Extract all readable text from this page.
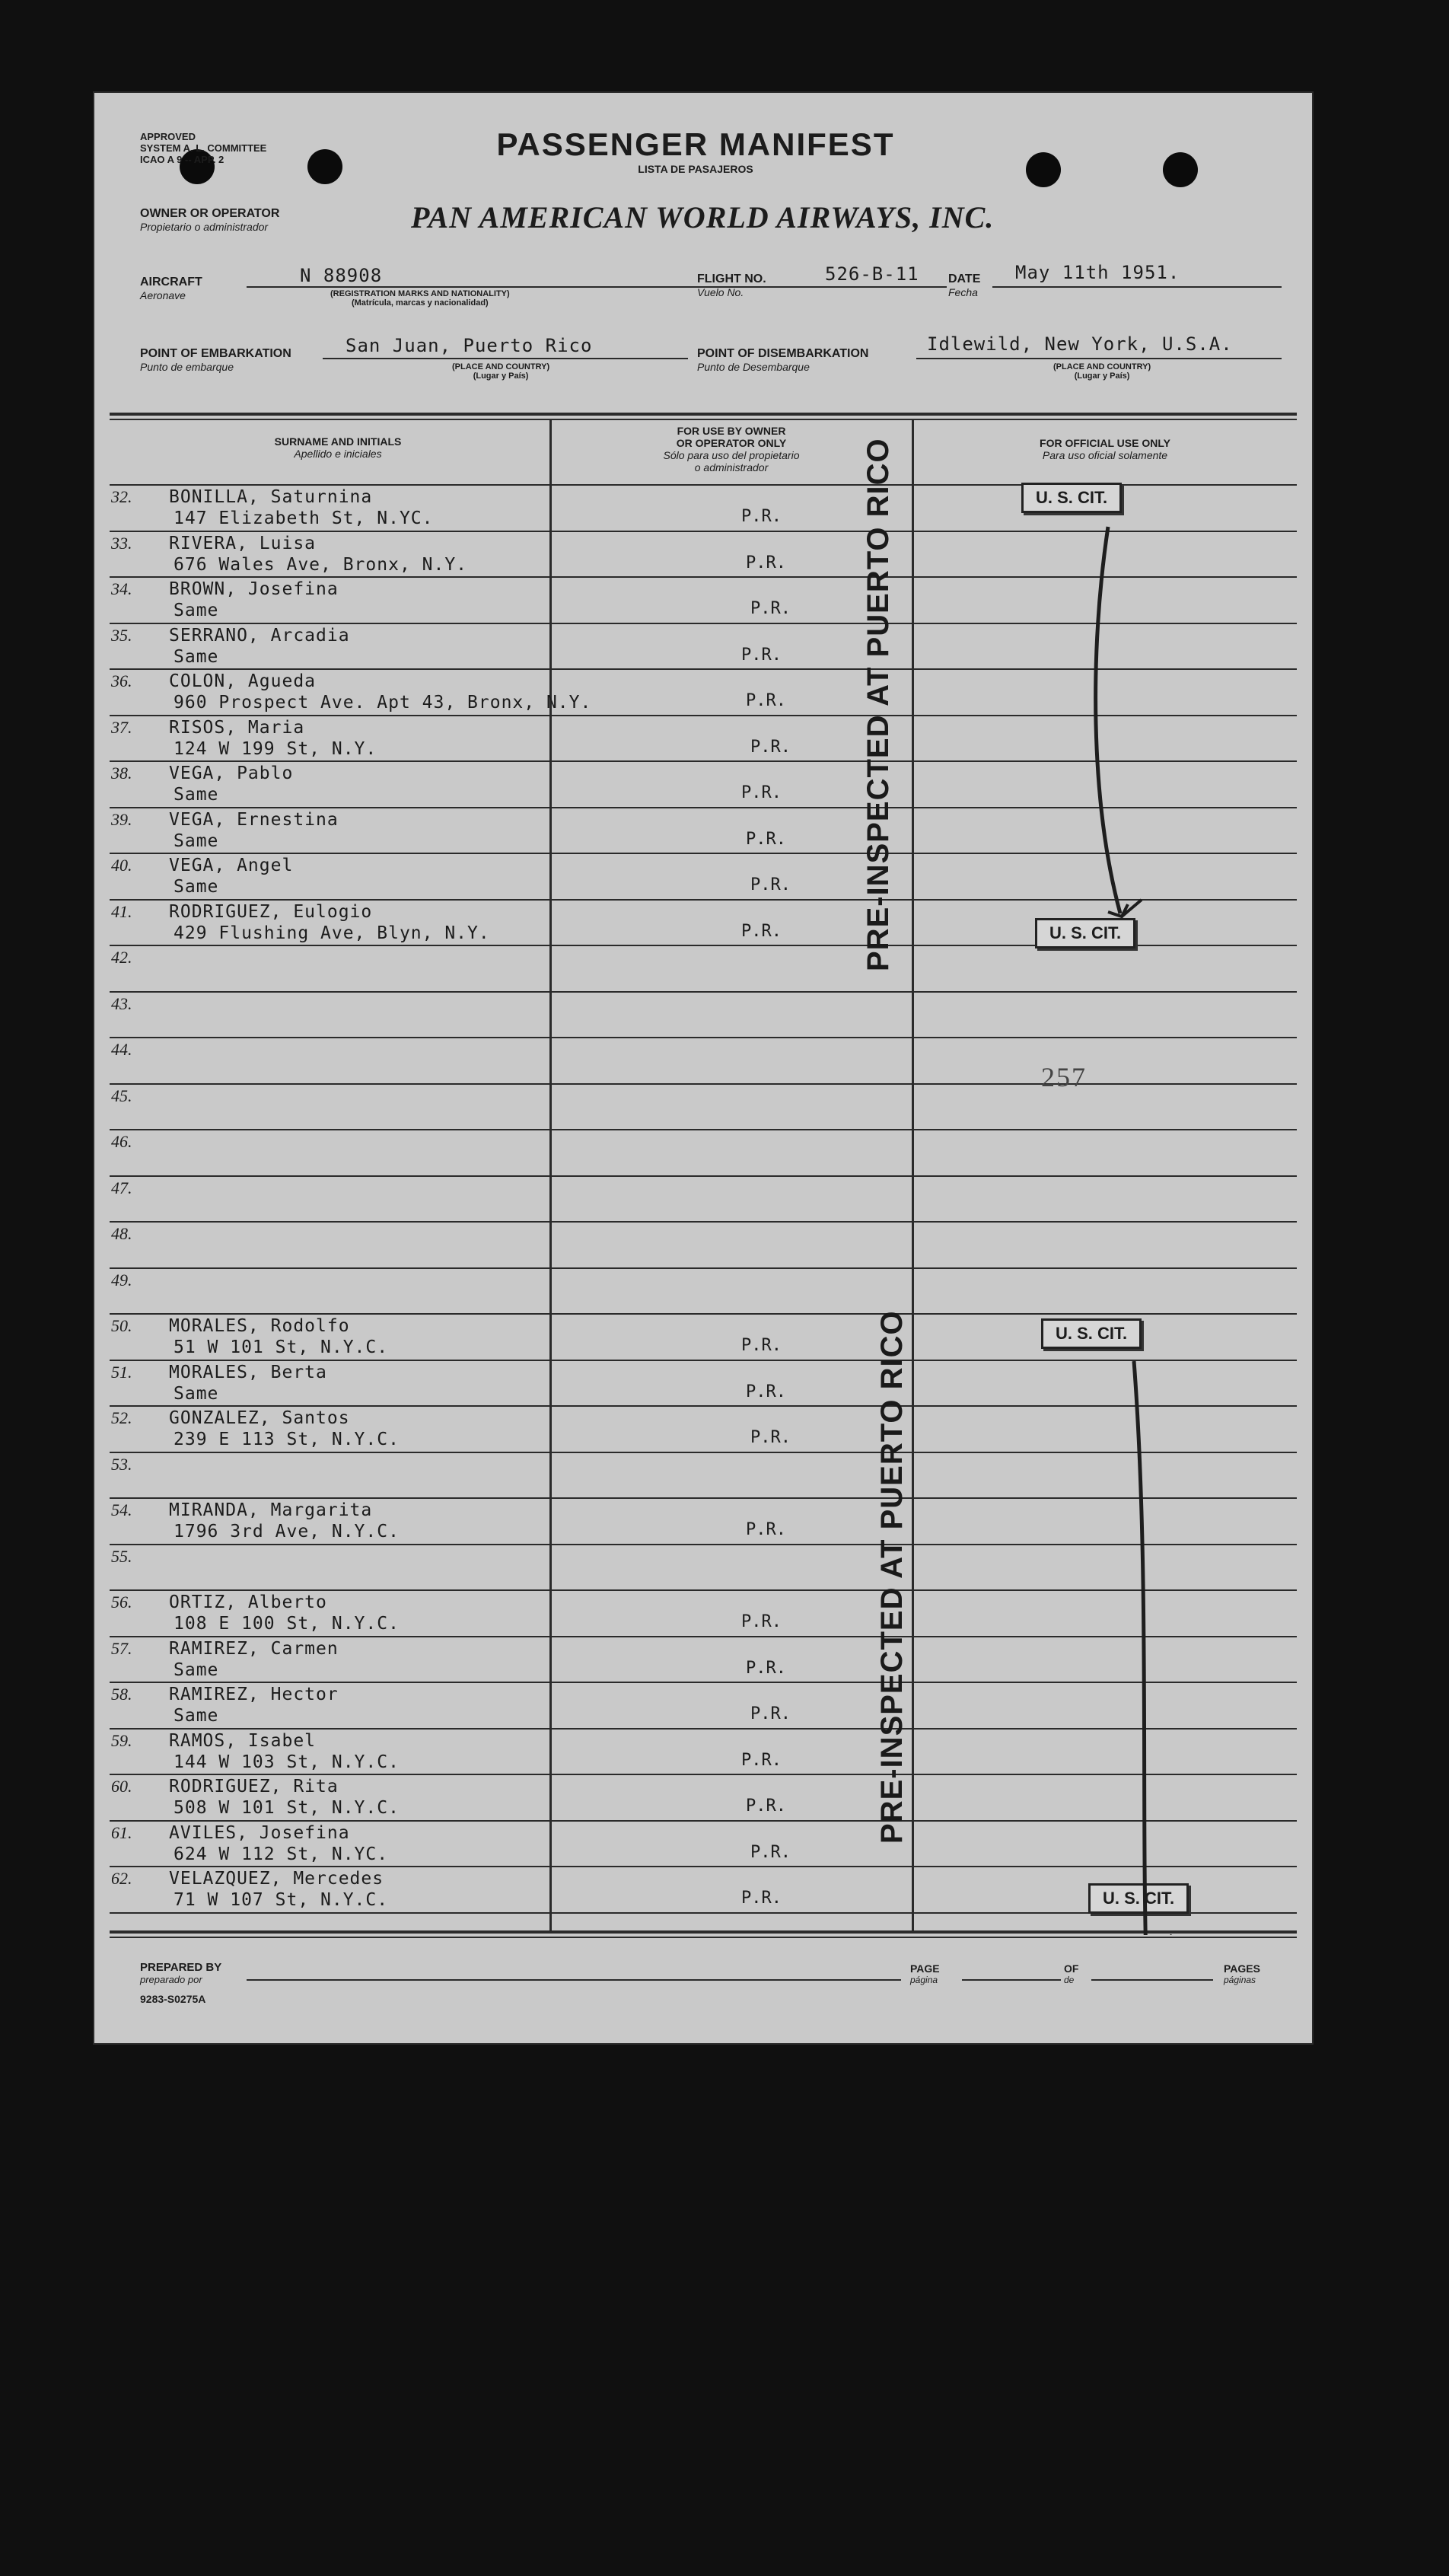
APPROVED
SYSTEM A. L. COMMITTEE
ICAO A 9 -- APP. 2	PASSENGER MANIFEST
LISTA DE PASAJEROS
OWNER OR OPERATOR
Propietario o administrador	PAN AMERICAN WORLD AIRWAYS, INC.
AIRCRAFT
Aeronave
N 88908
(REGISTRATION MARKS AND NATIONALITY)
(Matrícula, marcas y nacionalidad)
FLIGHT NO.
Vuelo No.
526-B-11 DATE
Fecha
May 11th 1951.
POINT OF EMBARKATION
Punto de embarque
San Juan, Puerto Rico
(PLACE AND COUNTRY)
(Lugar y País)
POINT OF DISEMBARKATION
Punto de Desembarque
Idlewild, New York, U.S.A.
(PLACE AND COUNTRY)
(Lugar y País)
SURNAME AND INITIALS
Apellido e iniciales
FOR USE BY OWNER
OR OPERATOR ONLY
Sólo para uso del propietario
o administrador
FOR OFFICIAL USE ONLY
Para uso oficial solamente
32. BONILLA, Saturnina
147 Elizabeth St, N.YC.	P.R.
33. RIVERA, Luisa
676 Wales Ave, Bronx, N.Y.	P.R.
34. BROWN, Josefina
Same	P.R.
35. SERRANO, Arcadia
Same	P.R.
36. COLON, Agueda
960 Prospect Ave. Apt 43, Bronx, N.Y.	P.R.
37. RISOS, Maria
124 W 199 St, N.Y.	P.R.
38. VEGA, Pablo
Same	P.R.
39. VEGA, Ernestina
Same	P.R.
40. VEGA, Angel
Same	P.R.
41. RODRIGUEZ, Eulogio
429 Flushing Ave, Blyn, N.Y.	P.R.
42.
43.
44.
45.
46.
47.
48.
49.
50. MORALES, Rodolfo
51 W 101 St, N.Y.C.	P.R.
51. MORALES, Berta
Same	P.R.
52. GONZALEZ, Santos
239 E 113 St, N.Y.C.	P.R.
53.
54. MIRANDA, Margarita
1796 3rd Ave, N.Y.C.	P.R.
55.
56. ORTIZ, Alberto
108 E 100 St, N.Y.C.	P.R.
57. RAMIREZ, Carmen
Same	P.R.
58. RAMIREZ, Hector
Same	P.R.
59. RAMOS, Isabel
144 W 103 St, N.Y.C.	P.R.
60. RODRIGUEZ, Rita
508 W 101 St, N.Y.C.	P.R.
61. AVILES, Josefina
624 W 112 St, N.YC.	P.R.
62. VELAZQUEZ, Mercedes
71 W 107 St, N.Y.C.	P.R.
U. S. CIT.
U. S. CIT.
U. S. CIT.
U. S. CIT.
257
PRE-INSPECTED AT PUERTO RICO
PRE-INSPECTED AT PUERTO RICO
PREPARED BY
preparado por
9283-S0275A
PAGE
página
OF
de
PAGES
páginas
